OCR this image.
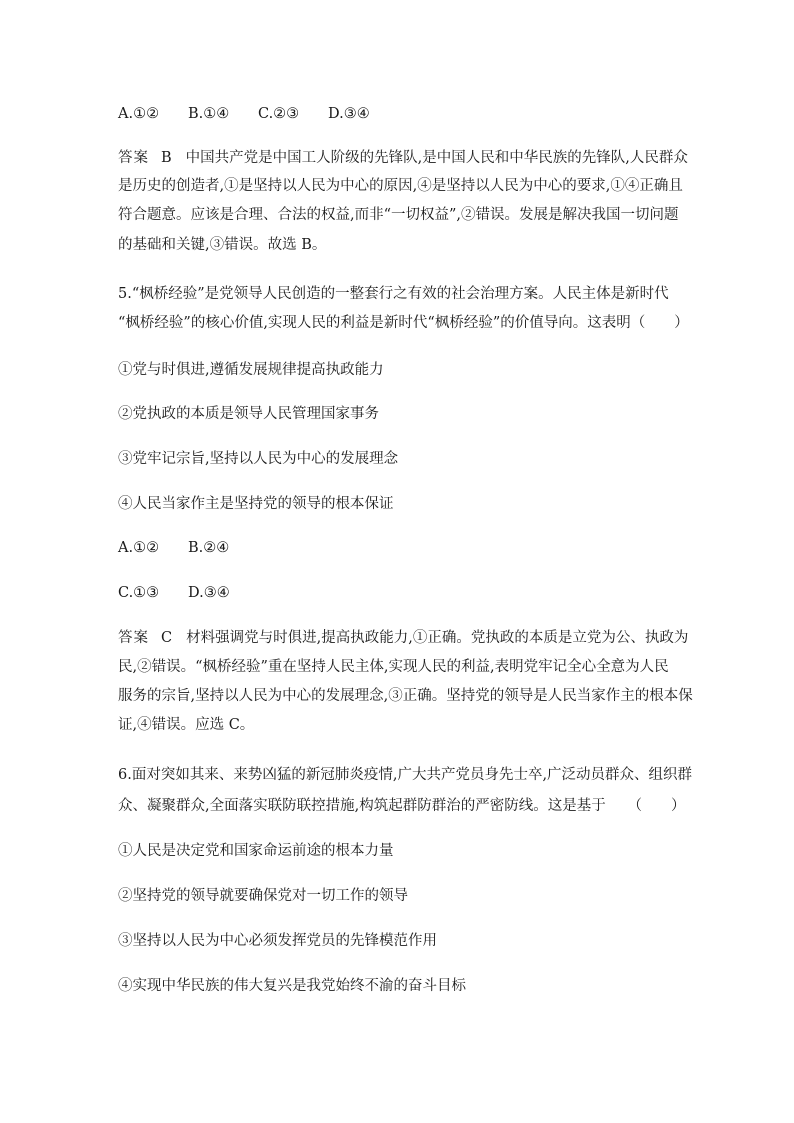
A.①② B.①④ C.②③ D.③④
答案 B 中国共产党是中国工人阶级的先锋队,是中国人民和中华民族的先锋队,人民群众
是历史的创造者,①是坚持以人民为中心的原因,④是坚持以人民为中心的要求,①④正确且
符合题意。应该是合理、合法的权益,而非“一切权益”,②错误。发展是解决我国一切问题
的基础和关键,③错误。故选 B。
5.“枫桥经验”是党领导人民创造的一整套行之有效的社会治理方案。人民主体是新时代
“枫桥经验”的核心价值,实现人民的利益是新时代“枫桥经验”的价值导向。这表明（　　）
①党与时俱进,遵循发展规律提高执政能力
②党执政的本质是领导人民管理国家事务
③党牢记宗旨,坚持以人民为中心的发展理念
④人民当家作主是坚持党的领导的根本保证
A.①② B.②④
C.①③ D.③④
答案 C 材料强调党与时俱进,提高执政能力,①正确。党执政的本质是立党为公、执政为
民,②错误。“枫桥经验”重在坚持人民主体,实现人民的利益,表明党牢记全心全意为人民
服务的宗旨,坚持以人民为中心的发展理念,③正确。坚持党的领导是人民当家作主的根本保
证,④错误。应选 C。
6.面对突如其来、来势凶猛的新冠肺炎疫情,广大共产党员身先士卒,广泛动员群众、组织群
众、凝聚群众,全面落实联防联控措施,构筑起群防群治的严密防线。这是基于　　（　　）
①人民是决定党和国家命运前途的根本力量
②坚持党的领导就要确保党对一切工作的领导
③坚持以人民为中心必须发挥党员的先锋模范作用
④实现中华民族的伟大复兴是我党始终不渝的奋斗目标
